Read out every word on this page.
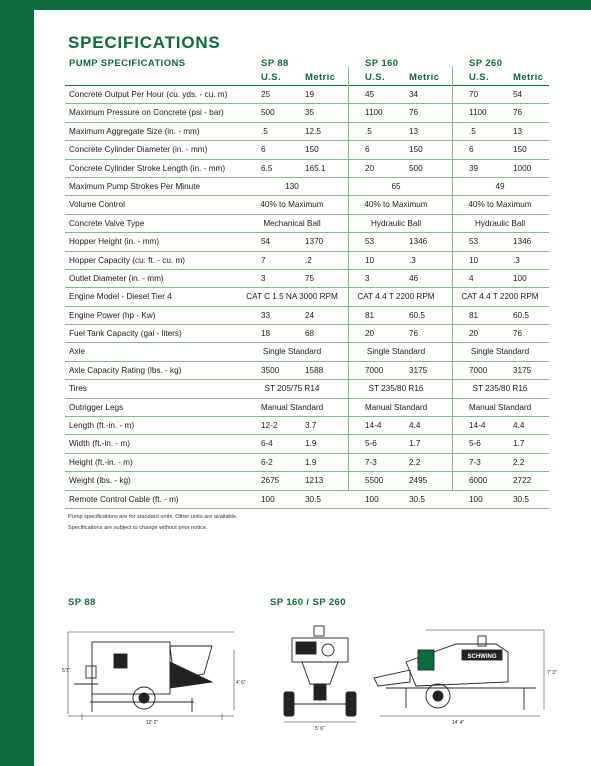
SPECIFICATIONS
PUMP SPECIFICATIONS	SP 88	SP 160	SP 260
U.S.	Metric	U.S.	Metric	U.S.	Metric
Concrete Output Per Hour (cu. yds. - cu. m)	25	19	45	34	70	54
Maximum Pressure on Concrete (psi - bar)	500	35	1100	76	1100	76
Maximum Aggregate Size (in. - mm)	.5	12.5	.5	13	.5	13
Concrete Cylinder Diameter (in. - mm)	6	150	6	150	6	150
Concrete Cylinder Stroke Length (in. - mm)	6.5	165.1	20	500	39	1000
Maximum Pump Strokes Per Minute	130	65	49
Volume Control	40% to Maximum	40% to Maximum	40% to Maximum
Concrete Valve Type	Mechanical Ball	Hydraulic Ball	Hydraulic Ball
Hopper Height (in. - mm)	54	1370	53	1346	53	1346
Hopper Capacity (cu. ft. - cu. m)	7	.2	10	.3	10	.3
Outlet Diameter (in. - mm)	3	75	3	46	4	100
Engine Model - Diesel Tier 4	CAT C 1.5 NA 3000 RPM	CAT 4.4 T 2200 RPM	CAT 4.4 T 2200 RPM
Engine Power (hp - Kw)	33	24	81	60.5	81	60.5
Fuel Tank Capacity (gal - liters)	18	68	20	76	20	76
Axle	Single Standard	Single Standard	Single Standard
Axle Capacity Rating (lbs. - kg)	3500	1588	7000	3175	7000	3175
Tires	ST 205/75 R14	ST 235/80 R16	ST 235/80 R16
Outrigger Legs	Manual Standard	Manual Standard	Manual Standard
Length (ft.-in. - m)	12-2	3.7	14-4	4.4	14-4	4.4
Width (ft.-in. - m)	6-4	1.9	5-6	1.7	5-6	1.7
Height (ft.-in. - m)	6-2	1.9	7-3	2.2	7-3	2.2
Weight (lbs. - kg)	2675	1213	5500	2495	6000	2722
Remote Control Cable (ft. - m)	100	30.5	100	30.5	100	30.5
Pump specifications are for standard units. Other units are available.
Specifications are subject to change without prior notice.
SP 88	SP 160 / SP 260
12' 2"
4' 6"
5'7"
5' 6"
SCHWING
14' 4"
7' 3"
